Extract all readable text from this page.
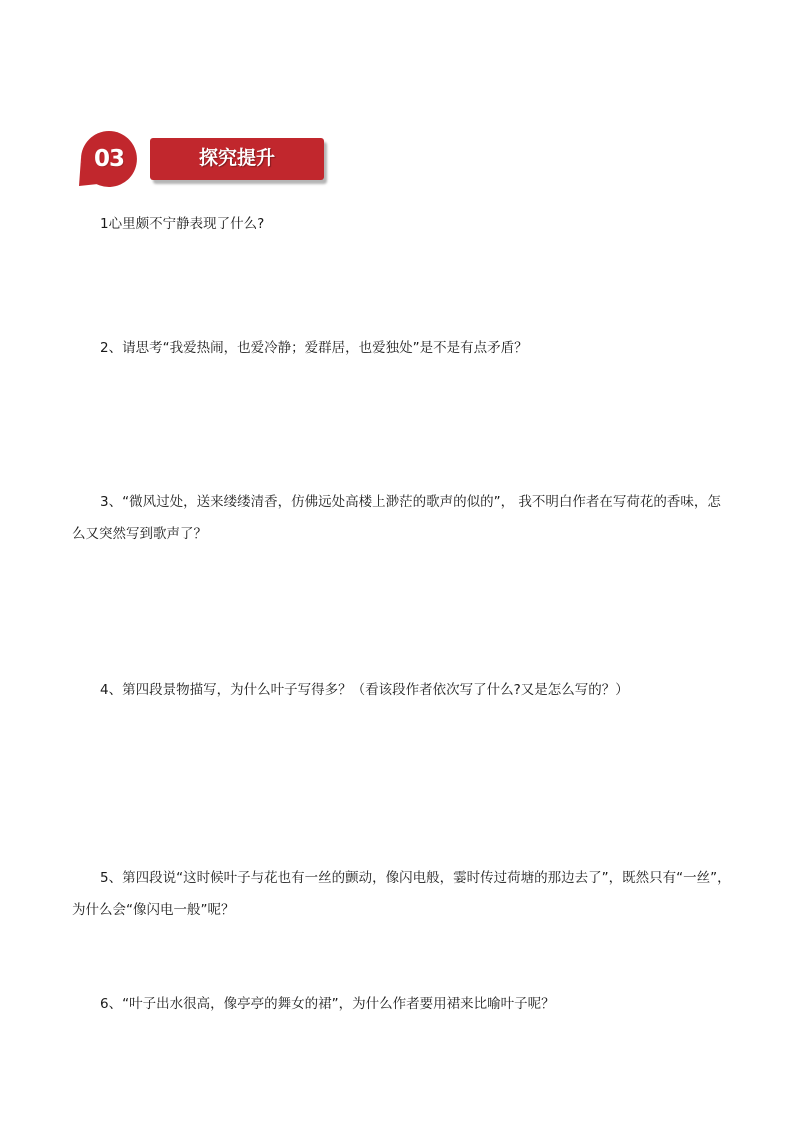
03	探究提升

1心里颇不宁静表现了什么?

2、请思考“我爱热闹，也爱冷静；爱群居，也爱独处”是不是有点矛盾？

3、“微风过处，送来缕缕清香，仿佛远处高楼上渺茫的歌声的似的”， 我不明白作者在写荷花的香味，怎么又突然写到歌声了？

4、第四段景物描写，为什么叶子写得多？（看该段作者依次写了什么?又是怎么写的？）

5、第四段说“这时候叶子与花也有一丝的颤动，像闪电般，霎时传过荷塘的那边去了”，既然只有“一丝”，为什么会“像闪电一般”呢？

6、“叶子出水很高，像亭亭的舞女的裙”，为什么作者要用裙来比喻叶子呢？
